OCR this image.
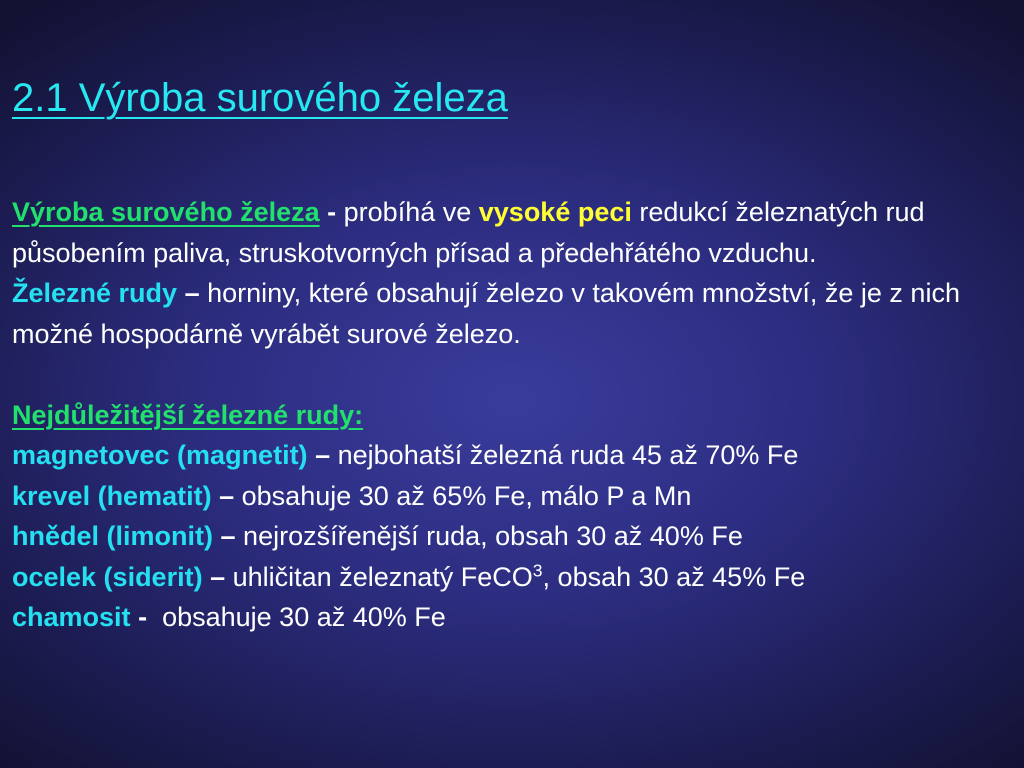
2.1 Výroba surového železa

Výroba surového železa - probíhá ve vysoké peci redukcí železnatých rud působením paliva, struskotvorných přísad a předehřátého vzduchu.

Železné rudy – horniny, které obsahují železo v takovém množství, že je z nich možné hospodárně vyrábět surové železo.

Nejdůležitější železné rudy:

magnetovec (magnetit) – nejbohatší železná ruda 45 až 70% Fe

krevel (hematit) – obsahuje 30 až 65% Fe, málo P a Mn

hnědel (limonit) – nejrozšířenější ruda, obsah 30 až 40% Fe

ocelek (siderit) – uhličitan železnatý FeCO$^3$, obsah 30 až 45% Fe

chamosit - obsahuje 30 až 40% Fe
